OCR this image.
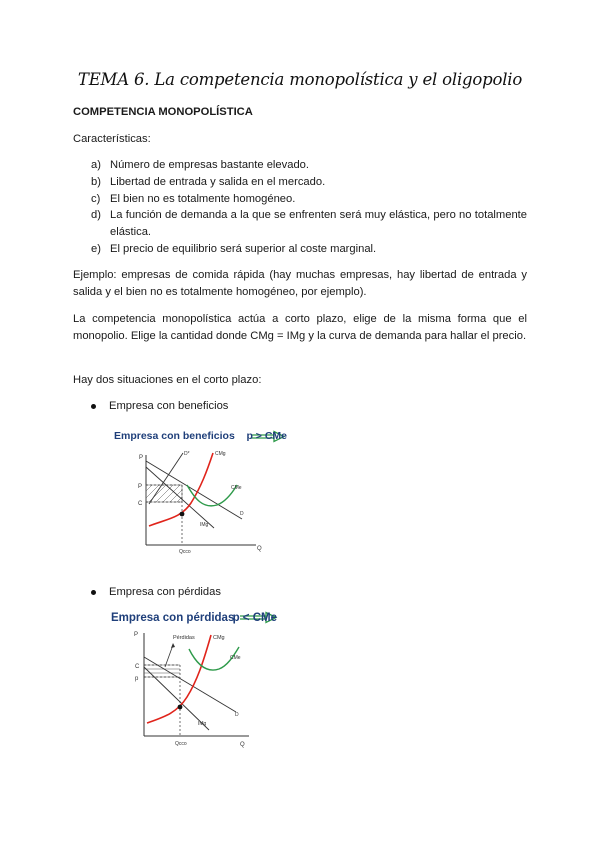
TEMA 6. La competencia monopolística y el oligopolio
COMPETENCIA MONOPOLÍSTICA
Características:
a) Número de empresas bastante elevado.
b) Libertad de entrada y salida en el mercado.
c) El bien no es totalmente homogéneo.
d) La función de demanda a la que se enfrenten será muy elástica, pero no totalmente elástica.
e) El precio de equilibrio será superior al coste marginal.
Ejemplo: empresas de comida rápida (hay muchas empresas, hay libertad de entrada y salida y el bien no es totalmente homogéneo, por ejemplo).
La competencia monopolística actúa a corto plazo, elige de la misma forma que el monopolio. Elige la cantidad donde CMg = IMg y la curva de demanda para hallar el precio.
Hay dos situaciones en el corto plazo:
Empresa con beneficios
Empresa con beneficios p > CMe
P
Q
P
C
Qcco
D*	CMg
CMe
IMg
D
Empresa con pérdidas
Empresa con pérdidas
p < CMe
P
Q
C
p
Qcco
Pérdidas	CMg
CMe
IMg
D
